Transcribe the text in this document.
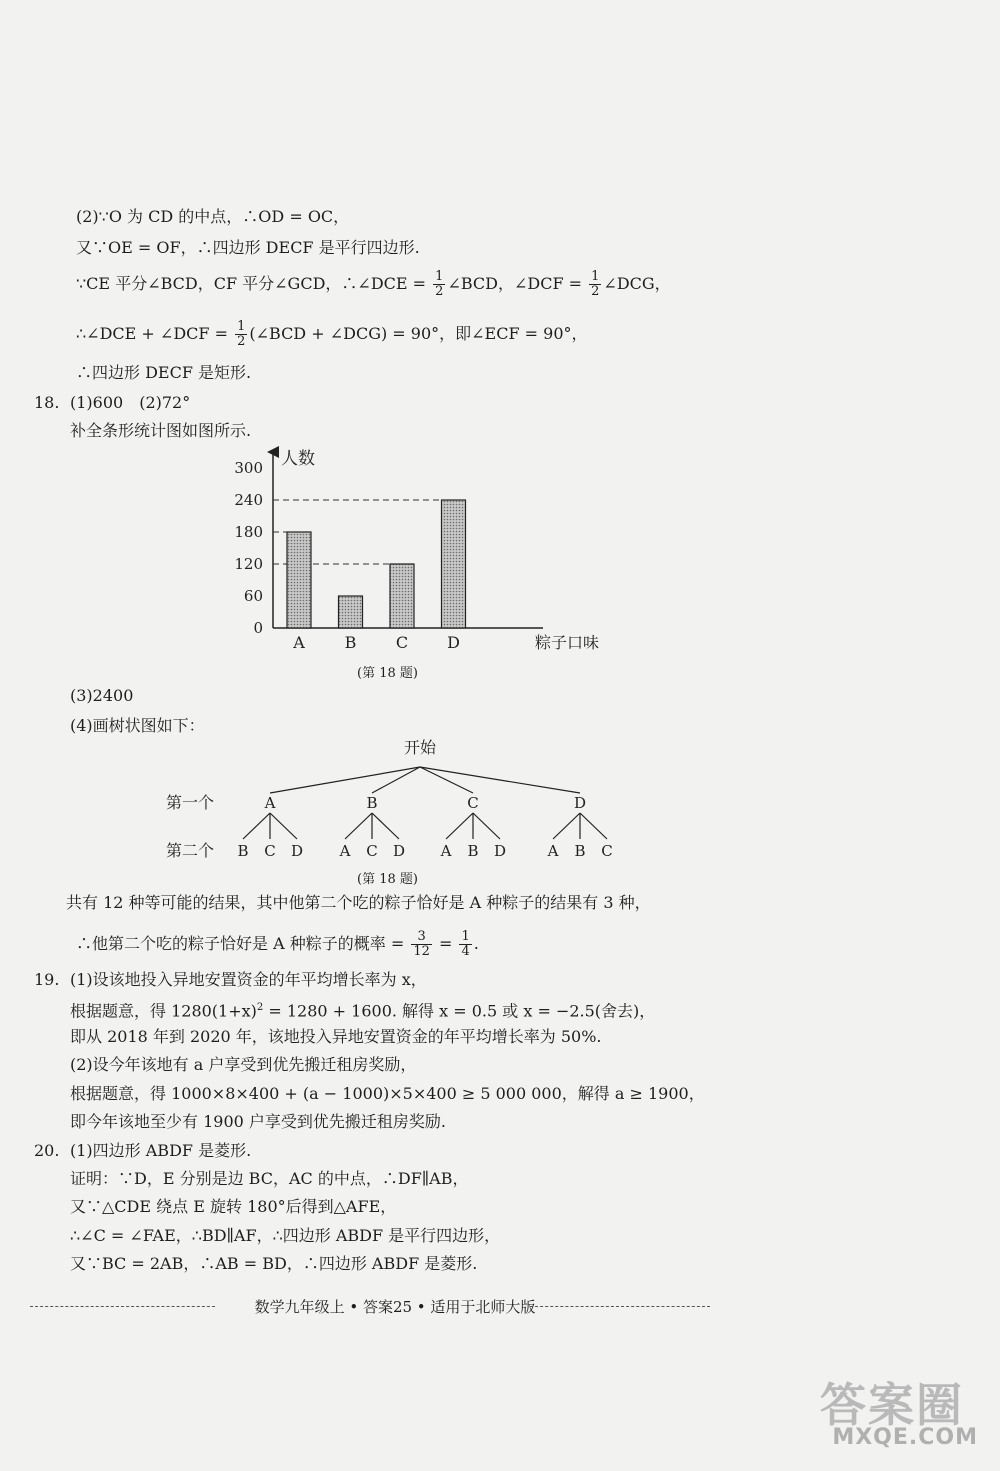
(2)∵O 为 CD 的中点，∴OD = OC，
又∵OE = OF，∴四边形 DECF 是平行四边形.
∵CE 平分∠BCD，CF 平分∠GCD，∴∠DCE = $\frac{1}{2}$ ∠BCD，∠DCF = $\frac{1}{2}$ ∠DCG，
∴∠DCE + ∠DCF = $\frac{1}{2}$ (∠BCD + ∠DCG) = 90°，即∠ECF = 90°，
∴四边形 DECF 是矩形.
18. (1)600　(2)72°
补全条形统计图如图所示.
人数
粽子口味
0
60
120
180
240
300
A B C D
(第 18 题)
(3)2400
(4)画树状图如下：
开始
第一个
第二个
A
B C D
B
A C D
C
A B D
D
A B C
(第 18 题)
共有 12 种等可能的结果，其中他第二个吃的粽子恰好是 A 种粽子的结果有 3 种，
∴他第二个吃的粽子恰好是 A 种粽子的概率 = $\frac{3}{12} = \frac{1}{4}$ .
19. (1)设该地投入异地安置资金的年平均增长率为 x，
根据题意，得 $1280(1+x)^2 = 1280 + 1600$. 解得 x = 0.5 或 x = −2.5(舍去)，
即从 2018 年到 2020 年，该地投入异地安置资金的年平均增长率为 50%.
(2)设今年该地有 a 户享受到优先搬迁租房奖励，
根据题意，得 1000×8×400 + (a − 1000)×5×400 ≥ 5 000 000，解得 a ≥ 1900，
即今年该地至少有 1900 户享受到优先搬迁租房奖励.
20. (1)四边形 ABDF 是菱形.
证明：∵D，E 分别是边 BC，AC 的中点，∴DF∥AB，
又∵△CDE 绕点 E 旋转 180°后得到△AFE，
∴∠C = ∠FAE，∴BD∥AF，∴四边形 ABDF 是平行四边形，
又∵BC = 2AB，∴AB = BD，∴四边形 ABDF 是菱形.
数学九年级上 • 答案25 • 适用于北师大版
答案圈
MXQE.COM
